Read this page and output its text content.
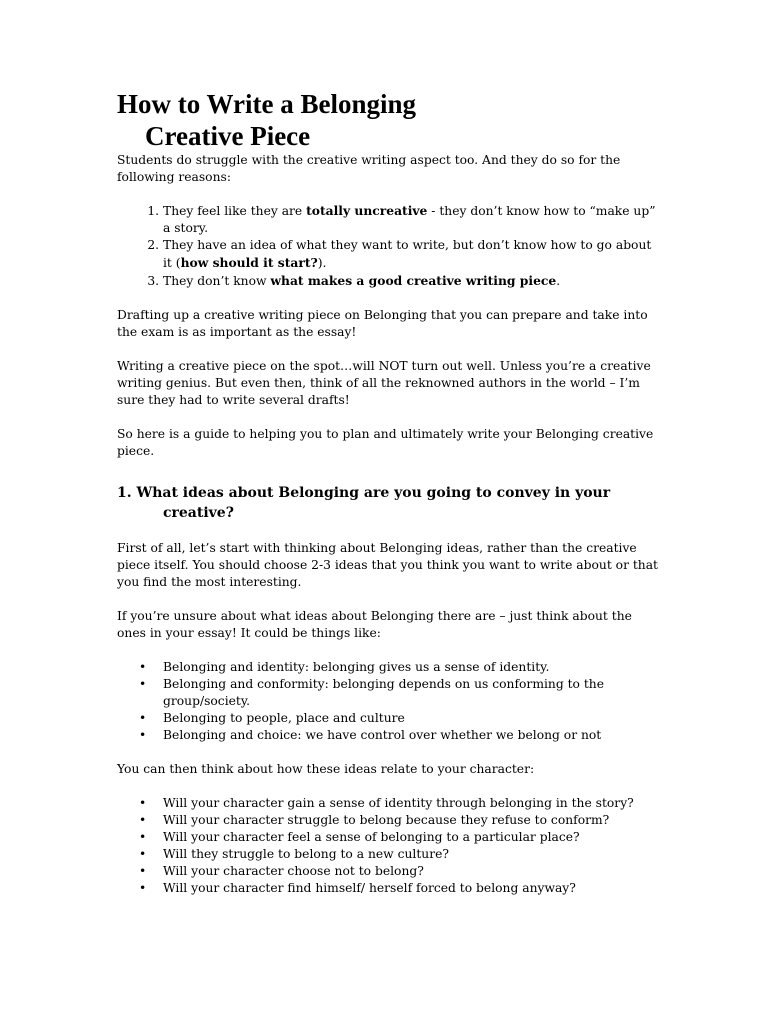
How to Write a Belonging
Creative Piece

Students do struggle with the creative writing aspect too. And they do so for the following reasons:

1. They feel like they are totally uncreative - they don’t know how to “make up” a story.
2. They have an idea of what they want to write, but don’t know how to go about it (how should it start?).
3. They don’t know what makes a good creative writing piece.

Drafting up a creative writing piece on Belonging that you can prepare and take into the exam is as important as the essay!

Writing a creative piece on the spot…will NOT turn out well. Unless you’re a creative writing genius. But even then, think of all the reknowned authors in the world – I’m sure they had to write several drafts!

So here is a guide to helping you to plan and ultimately write your Belonging creative piece.

1. What ideas about Belonging are you going to convey in your
creative?

First of all, let’s start with thinking about Belonging ideas, rather than the creative piece itself. You should choose 2-3 ideas that you think you want to write about or that you find the most interesting.

If you’re unsure about what ideas about Belonging there are – just think about the ones in your essay! It could be things like:

• Belonging and identity: belonging gives us a sense of identity.
• Belonging and conformity: belonging depends on us conforming to the group/society.
• Belonging to people, place and culture
• Belonging and choice: we have control over whether we belong or not

You can then think about how these ideas relate to your character:

• Will your character gain a sense of identity through belonging in the story?
• Will your character struggle to belong because they refuse to conform?
• Will your character feel a sense of belonging to a particular place?
• Will they struggle to belong to a new culture?
• Will your character choose not to belong?
• Will your character find himself/ herself forced to belong anyway?
